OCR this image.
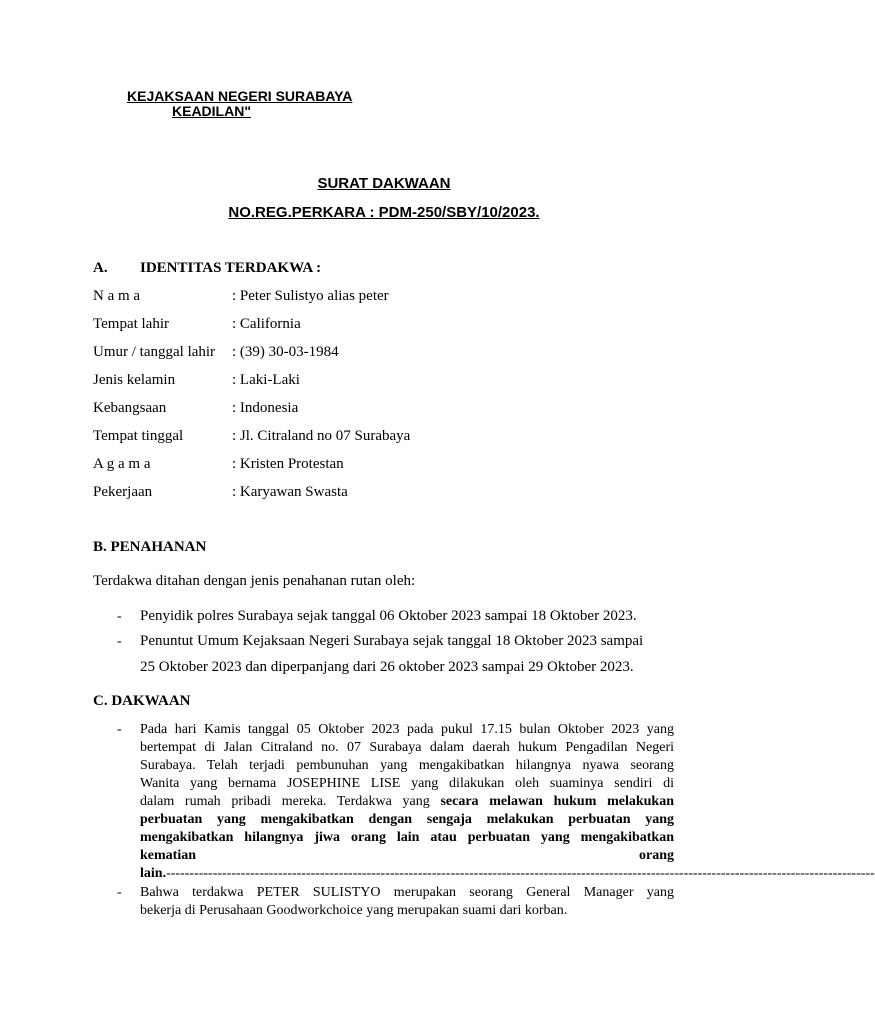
KEJAKSAAN NEGERI SURABAYA
KEADILAN"
SURAT DAKWAAN
NO.REG.PERKARA : PDM-250/SBY/10/2023.
A. IDENTITAS TERDAKWA :
N a m a	: Peter Sulistyo alias peter
Tempat lahir	: California
Umur / tanggal lahir : (39) 30-03-1984
Jenis kelamin	: Laki-Laki
Kebangsaan	: Indonesia
Tempat tinggal	: Jl. Citraland no 07 Surabaya
A g a m a	: Kristen Protestan
Pekerjaan	: Karyawan Swasta
B. PENAHANAN
Terdakwa ditahan dengan jenis penahanan rutan oleh:
- Penyidik polres Surabaya sejak tanggal 06 Oktober 2023 sampai 18 Oktober 2023.
- Penuntut Umum Kejaksaan Negeri Surabaya sejak tanggal 18 Oktober 2023 sampai
25 Oktober 2023 dan diperpanjang dari 26 oktober 2023 sampai 29 Oktober 2023.
C. DAKWAAN
- Pada hari Kamis tanggal 05 Oktober 2023 pada pukul 17.15 bulan Oktober 2023 yang
bertempat di Jalan Citraland no. 07 Surabaya dalam daerah hukum Pengadilan Negeri
Surabaya. Telah terjadi pembunuhan yang mengakibatkan hilangnya nyawa seorang
Wanita yang bernama JOSEPHINE LISE yang dilakukan oleh suaminya sendiri di
dalam rumah pribadi mereka. Terdakwa yang secara melawan hukum melakukan
perbuatan yang mengakibatkan dengan sengaja melakukan perbuatan yang
mengakibatkan hilangnya jiwa orang lain atau perbuatan yang mengakibatkan
kematian orang
lain.--------------------------------------------------------------------------------------------------------------------------------------------------------
- Bahwa terdakwa PETER SULISTYO merupakan seorang General Manager yang
bekerja di Perusahaan Goodworkchoice yang merupakan suami dari korban.
